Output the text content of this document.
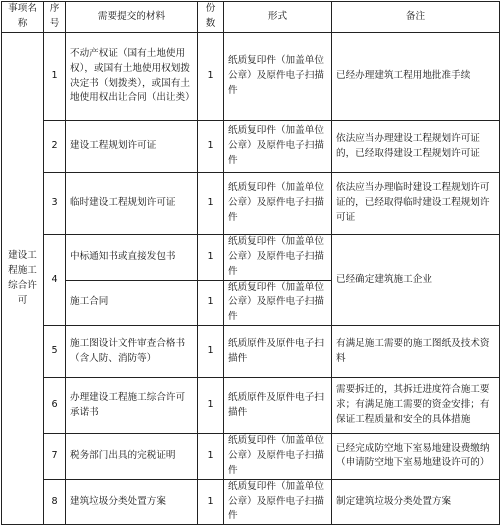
事项名称	序号	需要提交的材料	份数	形式	备注
建设工程施工综合许可	1	不动产权证（国有土地使用权），或国有土地使用权划拨决定书（划拨类），或国有土地使用权出让合同（出让类）	1	纸质复印件（加盖单位公章）及原件电子扫描件	已经办理建筑工程用地批准手续
	2	建设工程规划许可证	1	纸质复印件（加盖单位公章）及原件电子扫描件	依法应当办理建设工程规划许可证的，已经取得建设工程规划许可证
	3	临时建设工程规划许可证	1	纸质复印件（加盖单位公章）及原件电子扫描件	依法应当办理临时建设工程规划许可证的，已经取得临时建设工程规划许可证
	4	中标通知书或直接发包书	1	纸质复印件（加盖单位公章）及原件电子扫描件	已经确定建筑施工企业
		施工合同	1	纸质复印件（加盖单位公章）及原件电子扫描件	
	5	施工图设计文件审查合格书（含人防、消防等）	1	纸质原件及原件电子扫描件	有满足施工需要的施工图纸及技术资料
	6	办理建设工程施工综合许可承诺书	1	纸质原件及原件电子扫描件	需要拆迁的，其拆迁进度符合施工要求；有满足施工需要的资金安排；有保证工程质量和安全的具体措施
	7	税务部门出具的完税证明	1	纸质复印件（加盖单位公章）及原件电子扫描件	已经完成防空地下室易地建设费缴纳（申请防空地下室易地建设许可的）
	8	建筑垃圾分类处置方案	1	纸质复印件（加盖单位公章）及原件电子扫描件	制定建筑垃圾分类处置方案
